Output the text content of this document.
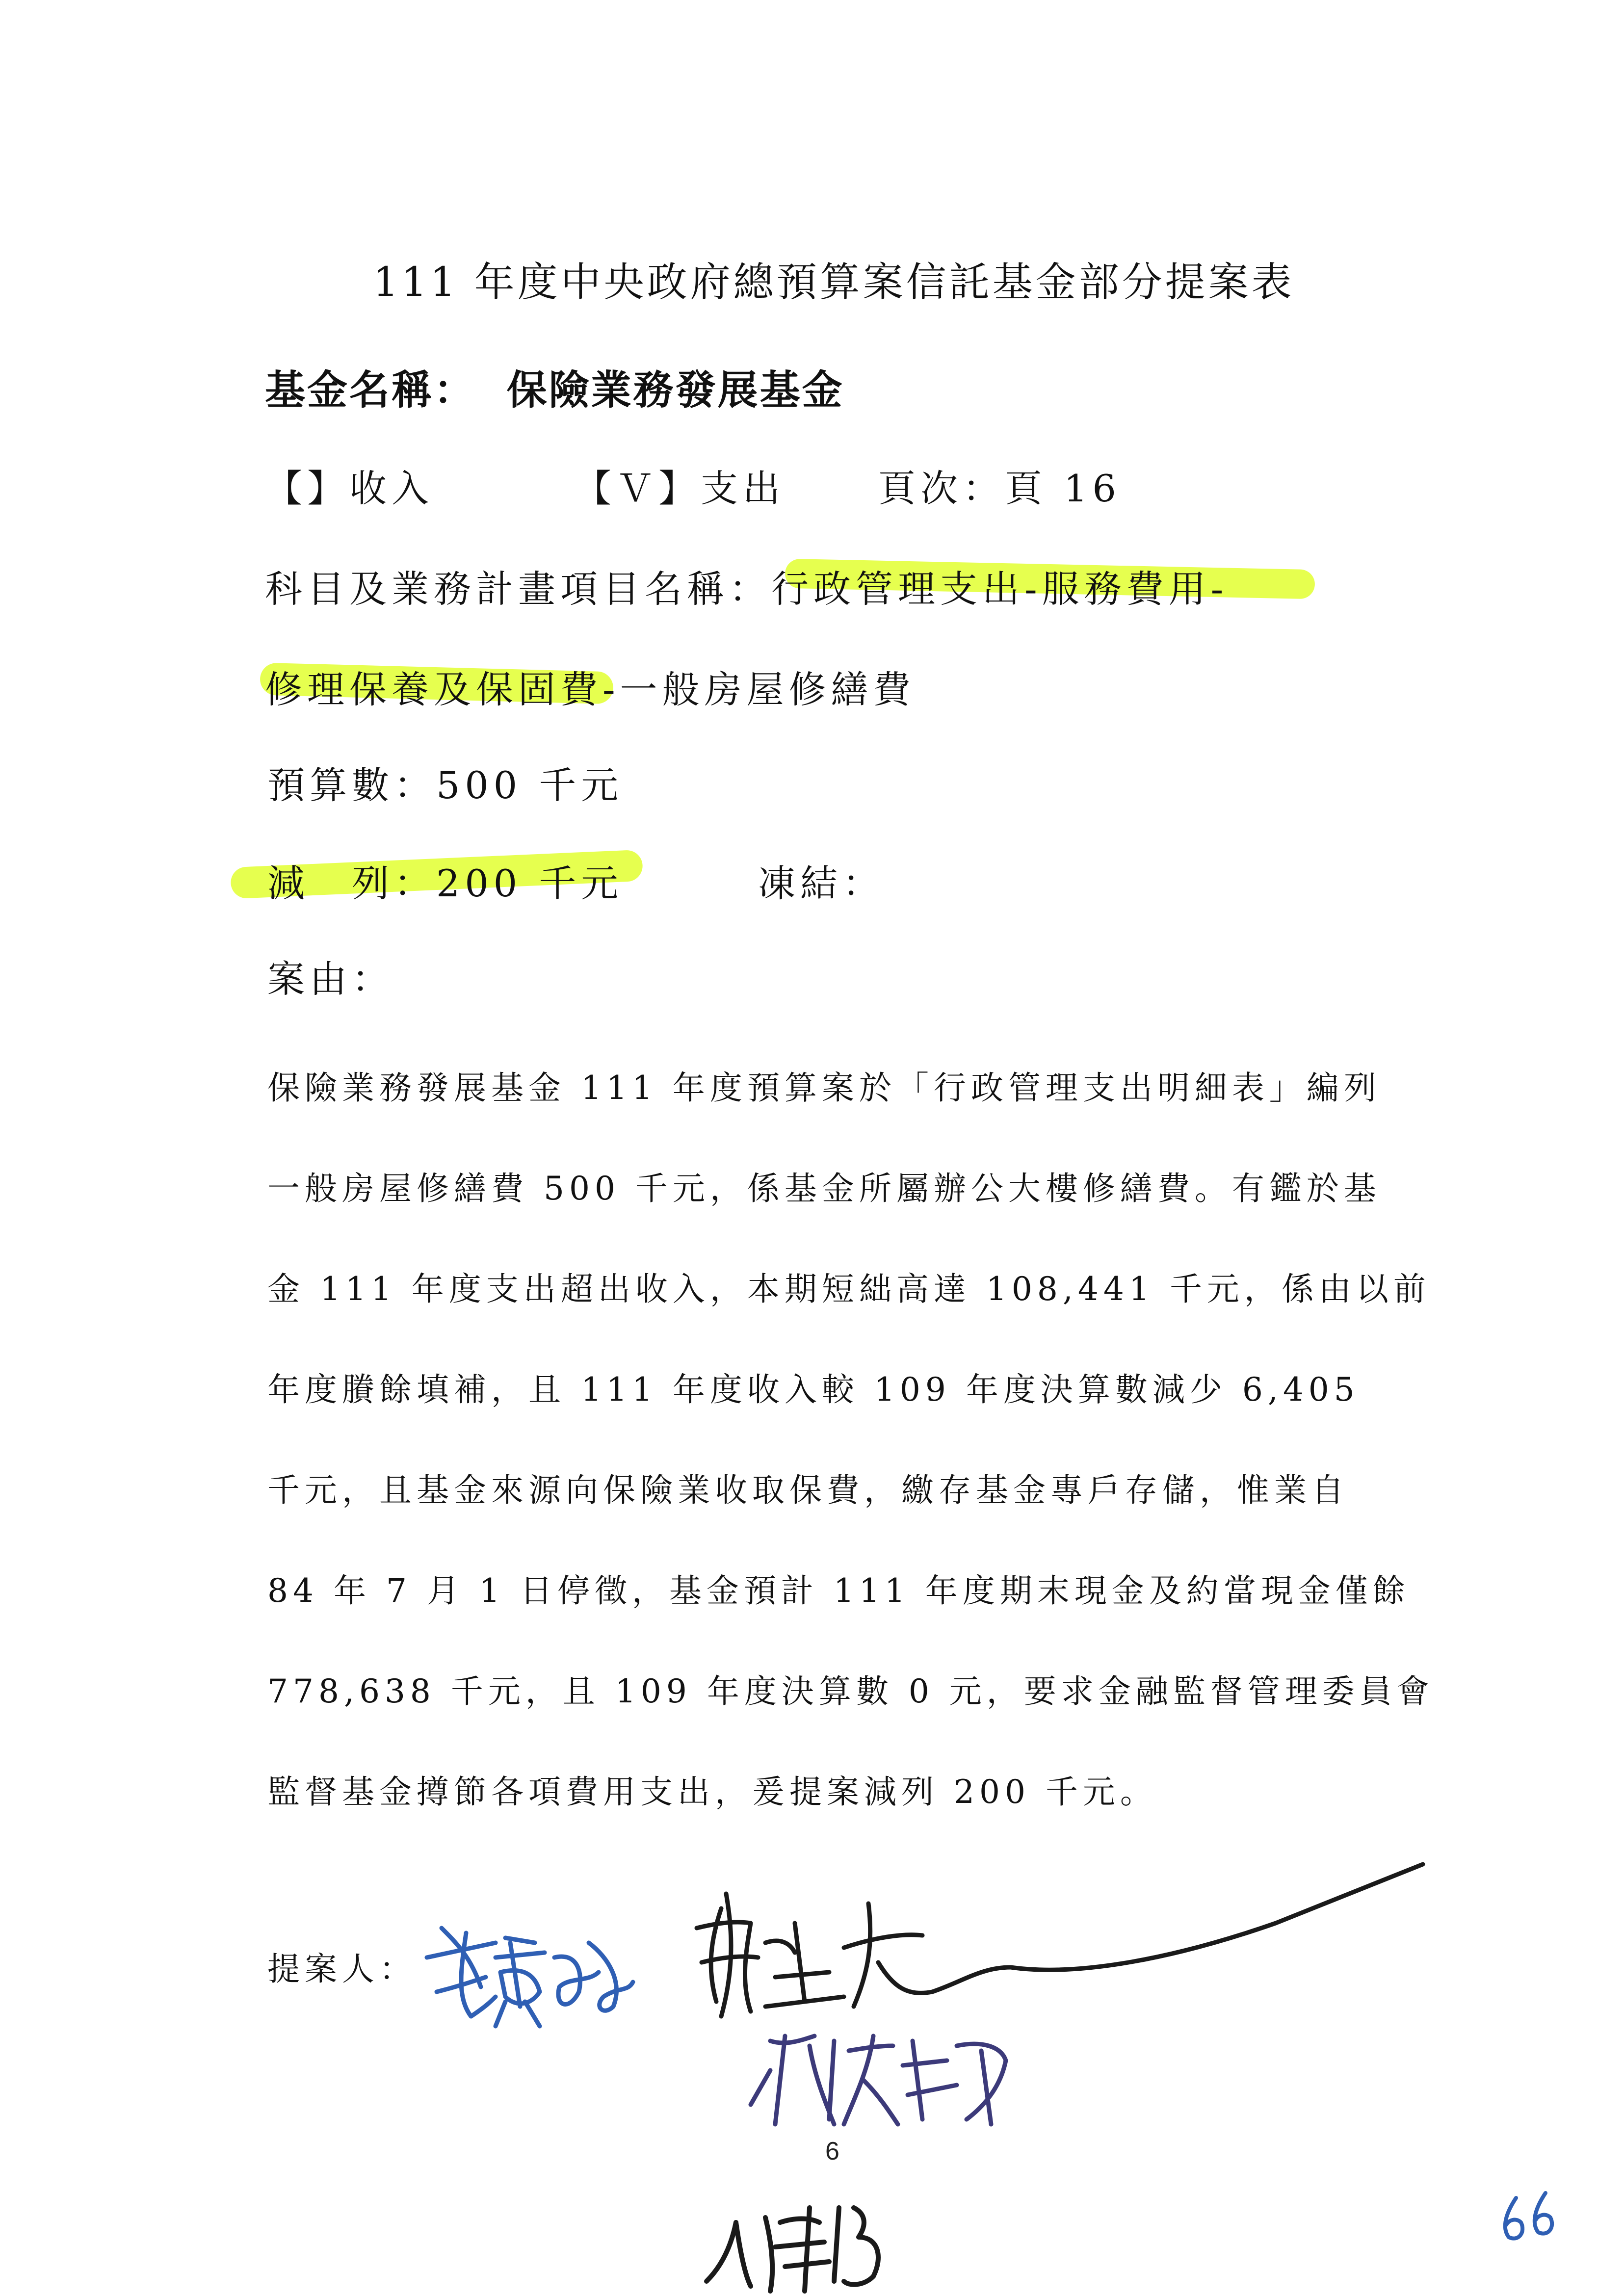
111 年度中央政府總預算案信託基金部分提案表
基金名稱： 保險業務發展基金
【】收入	【Ｖ】支出	頁次：頁 16
科目及業務計畫項目名稱：行政管理支出-服務費用-
修理保養及保固費-一般房屋修繕費
預算數：500 千元
減　列：200 千元	凍結：
案由：
保險業務發展基金 111 年度預算案於「行政管理支出明細表」編列
一般房屋修繕費 500 千元，係基金所屬辦公大樓修繕費。有鑑於基
金 111 年度支出超出收入，本期短絀高達 108,441 千元，係由以前
年度賸餘填補，且 111 年度收入較 109 年度決算數減少 6,405
千元，且基金來源向保險業收取保費，繳存基金專戶存儲，惟業自
84 年 7 月 1 日停徵，基金預計 111 年度期末現金及約當現金僅餘
778,638 千元，且 109 年度決算數 0 元，要求金融監督管理委員會
監督基金撙節各項費用支出，爰提案減列 200 千元。
提案人：
6
